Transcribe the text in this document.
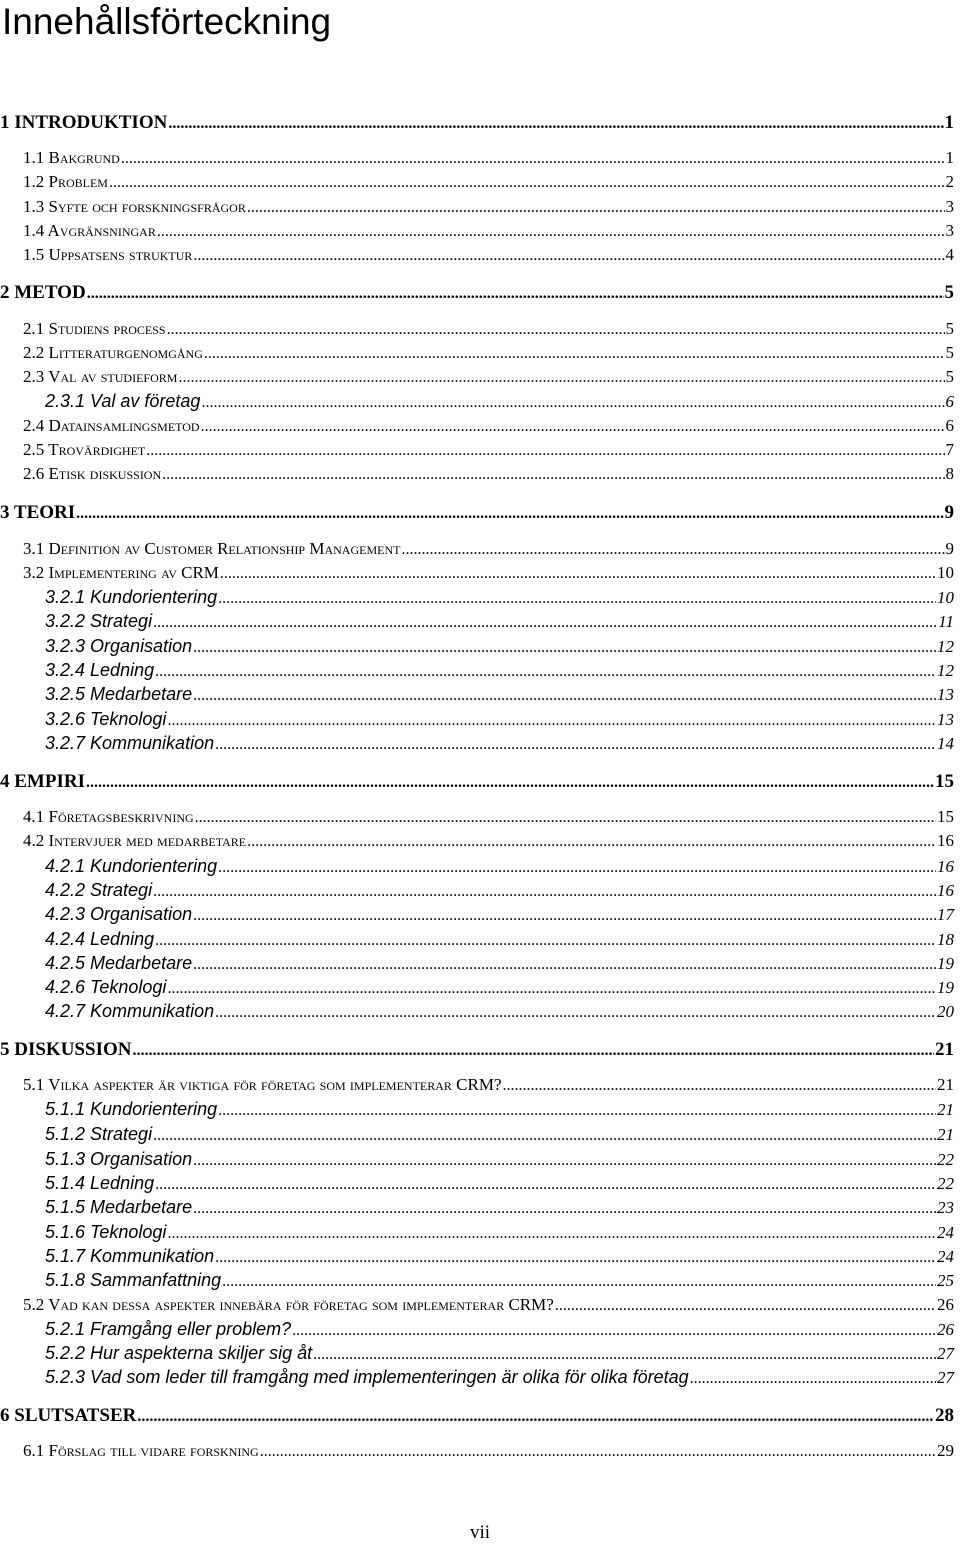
Innehållsförteckning
1 INTRODUKTION .....	1
1.1 Bakgrund .....	1
1.2 Problem .....	2
1.3 Syfte och forskningsfrågor .....	3
1.4 Avgränsningar .....	3
1.5 Uppsatsens struktur .....	4
2 METOD .....	5
2.1 Studiens process .....	5
2.2 Litteraturgenomgång .....	5
2.3 Val av studieform .....	5
2.3.1 Val av företag .....	6
2.4 Datainsamlingsmetod .....	6
2.5 Trovärdighet .....	7
2.6 Etisk diskussion .....	8
3 TEORI .....	9
3.1 Definition av Customer Relationship Management .....	9
3.2 Implementering av CRM .....	10
3.2.1 Kundorientering .....	10
3.2.2 Strategi .....	11
3.2.3 Organisation .....	12
3.2.4 Ledning .....	12
3.2.5 Medarbetare .....	13
3.2.6 Teknologi .....	13
3.2.7 Kommunikation .....	14
4 EMPIRI .....	15
4.1 Företagsbeskrivning .....	15
4.2 Intervjuer med medarbetare .....	16
4.2.1 Kundorientering .....	16
4.2.2 Strategi .....	16
4.2.3 Organisation .....	17
4.2.4 Ledning .....	18
4.2.5 Medarbetare .....	19
4.2.6 Teknologi .....	19
4.2.7 Kommunikation .....	20
5 DISKUSSION .....	21
5.1 Vilka aspekter är viktiga för företag som implementerar CRM? .....	21
5.1.1 Kundorientering .....	21
5.1.2 Strategi .....	21
5.1.3 Organisation .....	22
5.1.4 Ledning .....	22
5.1.5 Medarbetare .....	23
5.1.6 Teknologi .....	24
5.1.7 Kommunikation .....	24
5.1.8 Sammanfattning .....	25
5.2 Vad kan dessa aspekter innebära för företag som implementerar CRM? .....	26
5.2.1 Framgång eller problem? .....	26
5.2.2 Hur aspekterna skiljer sig åt .....	27
5.2.3 Vad som leder till framgång med implementeringen är olika för olika företag .....	27
6 SLUTSATSER .....	28
6.1 Förslag till vidare forskning .....	29
vii
